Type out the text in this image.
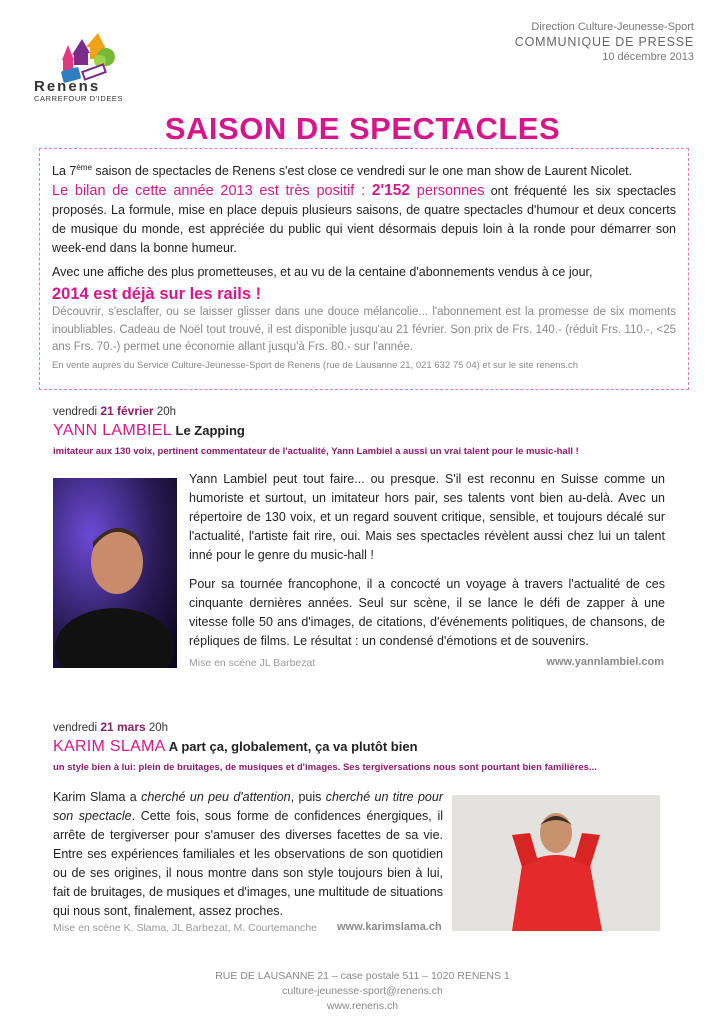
Renens
CARREFOUR D'IDEES
Direction Culture-Jeunesse-Sport
COMMUNIQUE DE PRESSE
10 décembre 2013
SAISON DE SPECTACLES
La 7ème saison de spectacles de Renens s'est close ce vendredi sur le one man show de Laurent Nicolet.
Le bilan de cette année 2013 est très positif : 2'152 personnes ont fréquenté les six spectacles proposés. La formule, mise en place depuis plusieurs saisons, de quatre spectacles d'humour et deux concerts de musique du monde, est appréciée du public qui vient désormais depuis loin à la ronde pour démarrer son week-end dans la bonne humeur.
Avec une affiche des plus prometteuses, et au vu de la centaine d'abonnements vendus à ce jour,
2014 est déjà sur les rails !
Découvrir, s'esclaffer, ou se laisser glisser dans une douce mélancolie... l'abonnement est la promesse de six moments inoubliables. Cadeau de Noël tout trouvé, il est disponible jusqu'au 21 février. Son prix de Frs. 140.- (réduit Frs. 110.-, <25 ans Frs. 70.-) permet une économie allant jusqu'à Frs. 80.- sur l'année.
En vente auprès du Service Culture-Jeunesse-Sport de Renens (rue de Lausanne 21, 021 632 75 04) et sur le site renens.ch
vendredi 21 février 20h
YANN LAMBIEL Le Zapping
imitateur aux 130 voix, pertinent commentateur de l'actualité, Yann Lambiel a aussi un vrai talent pour le music-hall !
Yann Lambiel peut tout faire... ou presque. S'il est reconnu en Suisse comme un humoriste et surtout, un imitateur hors pair, ses talents vont bien au-delà. Avec un répertoire de 130 voix, et un regard souvent critique, sensible, et toujours décalé sur l'actualité, l'artiste fait rire, oui. Mais ses spectacles révèlent aussi chez lui un talent inné pour le genre du music-hall !
Pour sa tournée francophone, il a concocté un voyage à travers l'actualité de ces cinquante dernières années. Seul sur scène, il se lance le défi de zapper à une vitesse folle 50 ans d'images, de citations, d'événements politiques, de chansons, de répliques de films. Le résultat : un condensé d'émotions et de souvenirs.
Mise en scène JL Barbezat	www.yannlambiel.com
vendredi 21 mars 20h
KARIM SLAMA A part ça, globalement, ça va plutôt bien
un style bien à lui: plein de bruitages, de musiques et d'images. Ses tergiversations nous sont pourtant bien familières...
Karim Slama a cherché un peu d'attention, puis cherché un titre pour son spectacle. Cette fois, sous forme de confidences énergiques, il arrête de tergiverser pour s'amuser des diverses facettes de sa vie. Entre ses expériences familiales et les observations de son quotidien ou de ses origines, il nous montre dans son style toujours bien à lui, fait de bruitages, de musiques et d'images, une multitude de situations qui nous sont, finalement, assez proches.
Mise en scène K. Slama, JL Barbezat, M. Courtemanche www.karimslama.ch
RUE DE LAUSANNE 21 – case postale 511 – 1020 RENENS 1
culture-jeunesse-sport@renens.ch
www.renens.ch
